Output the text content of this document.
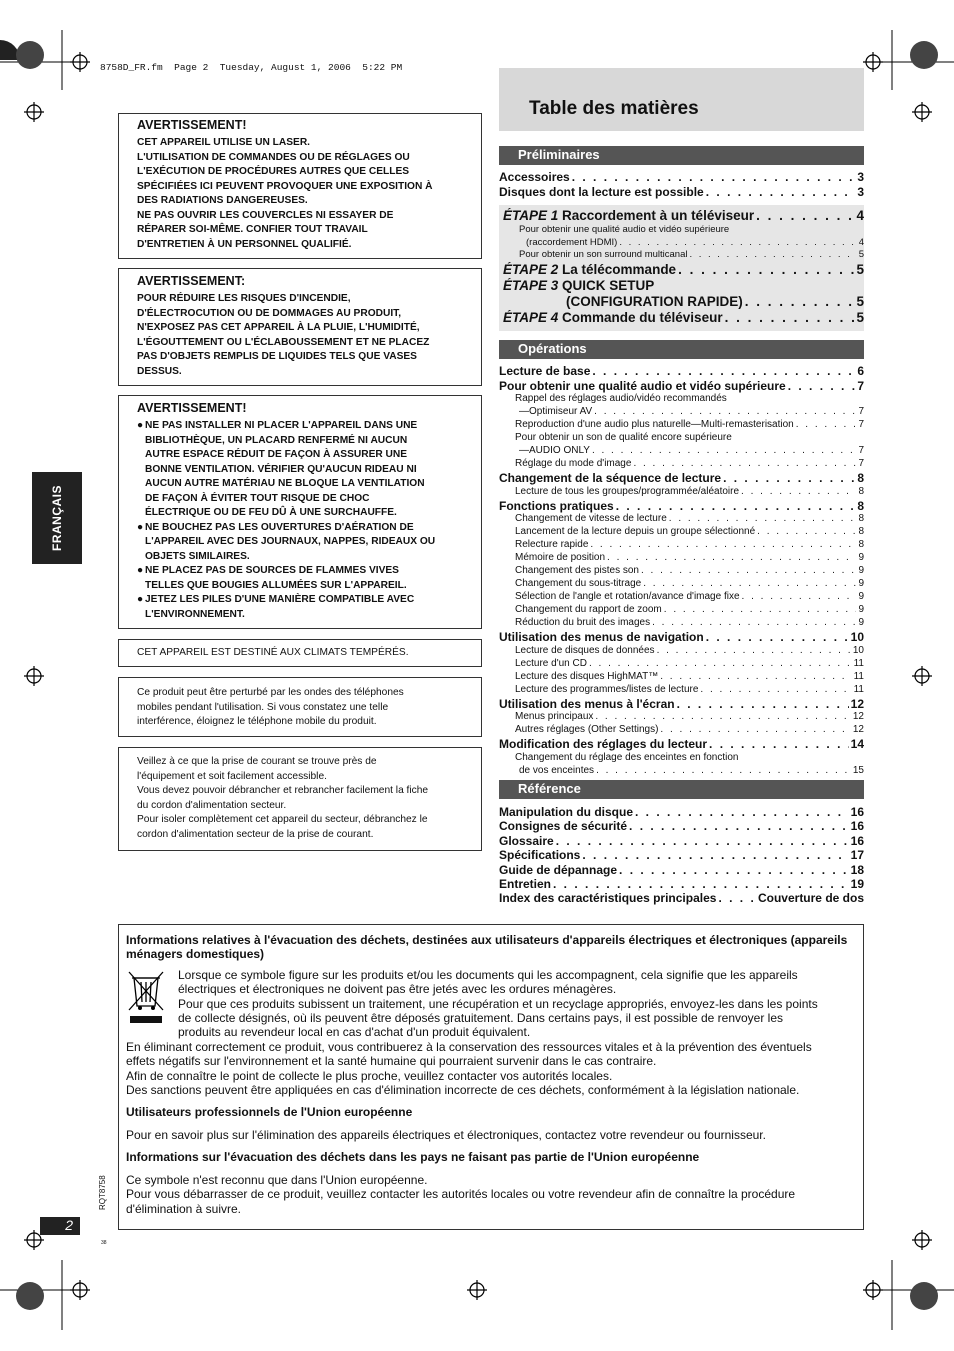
8758D_FR.fm  Page 2  Tuesday, August 1, 2006  5:22 PM
FRANÇAIS
AVERTISSEMENT!
CET APPAREIL UTILISE UN LASER.
L'UTILISATION DE COMMANDES OU DE RÉGLAGES OU
L'EXÉCUTION DE PROCÉDURES AUTRES QUE CELLES
SPÉCIFIÉES ICI PEUVENT PROVOQUER UNE EXPOSITION À
DES RADIATIONS DANGEREUSES.
NE PAS OUVRIR LES COUVERCLES NI ESSAYER DE
RÉPARER SOI-MÊME. CONFIER TOUT TRAVAIL
D'ENTRETIEN À UN PERSONNEL QUALIFIÉ.
AVERTISSEMENT:
POUR RÉDUIRE LES RISQUES D'INCENDIE,
D'ÉLECTROCUTION OU DE DOMMAGES AU PRODUIT,
N'EXPOSEZ PAS CET APPAREIL À LA PLUIE, L'HUMIDITÉ,
L'ÉGOUTTEMENT OU L'ÉCLABOUSSEMENT ET NE PLACEZ
PAS D'OBJETS REMPLIS DE LIQUIDES TELS QUE VASES
DESSUS.
AVERTISSEMENT!
● NE PAS INSTALLER NI PLACER L'APPAREIL DANS UNE
BIBLIOTHÈQUE, UN PLACARD RENFERMÉ NI AUCUN
AUTRE ESPACE RÉDUIT DE FAÇON À ASSURER UNE
BONNE VENTILATION. VÉRIFIER QU'AUCUN RIDEAU NI
AUCUN AUTRE MATÉRIAU NE BLOQUE LA VENTILATION
DE FAÇON À ÉVITER TOUT RISQUE DE CHOC
ÉLECTRIQUE OU DE FEU DÛ À UNE SURCHAUFFE.
● NE BOUCHEZ PAS LES OUVERTURES D'AÉRATION DE
L'APPAREIL AVEC DES JOURNAUX, NAPPES, RIDEAUX OU
OBJETS SIMILAIRES.
● NE PLACEZ PAS DE SOURCES DE FLAMMES VIVES
TELLES QUE BOUGIES ALLUMÉES SUR L'APPAREIL.
● JETEZ LES PILES D'UNE MANIÈRE COMPATIBLE AVEC
L'ENVIRONNEMENT.
CET APPAREIL EST DESTINÉ AUX CLIMATS TEMPÉRÉS.
Ce produit peut être perturbé par les ondes des téléphones
mobiles pendant l'utilisation. Si vous constatez une telle
interférence, éloignez le téléphone mobile du produit.
Veillez à ce que la prise de courant se trouve près de
l'équipement et soit facilement accessible.
Vous devez pouvoir débrancher et rebrancher facilement la fiche
du cordon d'alimentation secteur.
Pour isoler complètement cet appareil du secteur, débranchez le
cordon d'alimentation secteur de la prise de courant.
Table des matières
Préliminaires
Accessoires . . .	3
Disques dont la lecture est possible . . .	3
ÉTAPE 1 Raccordement à un téléviseur . . .	4
Pour obtenir une qualité audio et vidéo supérieure
(raccordement HDMI) . . .	4
Pour obtenir un son surround multicanal . . .	5
ÉTAPE 2 La télécommande . . .	5
ÉTAPE 3 QUICK SETUP
(CONFIGURATION RAPIDE) . . .	5
ÉTAPE 4 Commande du téléviseur . . .	5
Opérations
Lecture de base . . .	6
Pour obtenir une qualité audio et vidéo supérieure . . .	7
Rappel des réglages audio/vidéo recommandés
—Optimiseur AV . . .	7
Reproduction d'une audio plus naturelle—Multi-remasterisation . . .	7
Pour obtenir un son de qualité encore supérieure
—AUDIO ONLY . . .	7
Réglage du mode d'image . . .	7
Changement de la séquence de lecture . . .	8
Lecture de tous les groupes/programmée/aléatoire . . .	8
Fonctions pratiques . . .	8
Changement de vitesse de lecture . . .	8
Lancement de la lecture depuis un groupe sélectionné . . .	8
Relecture rapide . . .	8
Mémoire de position . . .	9
Changement des pistes son . . .	9
Changement du sous-titrage . . .	9
Sélection de l'angle et rotation/avance d'image fixe . . .	9
Changement du rapport de zoom . . .	9
Réduction du bruit des images . . .	9
Utilisation des menus de navigation . . .	10
Lecture de disques de données . . .	10
Lecture d'un CD . . .	11
Lecture des disques HighMAT™ . . .	11
Lecture des programmes/listes de lecture . . .	11
Utilisation des menus à l'écran . . .	12
Menus principaux . . .	12
Autres réglages (Other Settings) . . .	12
Modification des réglages du lecteur . . .	14
Changement du réglage des enceintes en fonction
de vos enceintes . . .	15
Référence
Manipulation du disque . . .	16
Consignes de sécurité . . .	16
Glossaire . . .	16
Spécifications . . .	17
Guide de dépannage . . .	18
Entretien . . .	19
Index des caractéristiques principales . . .	Couverture de dos

Informations relatives à l'évacuation des déchets, destinées aux utilisateurs d'appareils électriques et électroniques (appareils ménagers domestiques)

Lorsque ce symbole figure sur les produits et/ou les documents qui les accompagnent, cela signifie que les appareils

électriques et électroniques ne doivent pas être jetés avec les ordures ménagères.

Pour que ces produits subissent un traitement, une récupération et un recyclage appropriés, envoyez-les dans les points

de collecte désignés, où ils peuvent être déposés gratuitement. Dans certains pays, il est possible de renvoyer les

produits au revendeur local en cas d'achat d'un produit équivalent.

En éliminant correctement ce produit, vous contribuerez à la conservation des ressources vitales et à la prévention des éventuels

effets négatifs sur l'environnement et la santé humaine qui pourraient survenir dans le cas contraire.

Afin de connaître le point de collecte le plus proche, veuillez contacter vos autorités locales.

Des sanctions peuvent être appliquées en cas d'élimination incorrecte de ces déchets, conformément à la législation nationale.

Utilisateurs professionnels de l'Union européenne

Pour en savoir plus sur l'élimination des appareils électriques et électroniques, contactez votre revendeur ou fournisseur.

Informations sur l'évacuation des déchets dans les pays ne faisant pas partie de l'Union européenne

Ce symbole n'est reconnu que dans l'Union européenne.

Pour vous débarrasser de ce produit, veuillez contacter les autorités locales ou votre revendeur afin de connaître la procédure

d'élimination à suivre.

RQT8758
2
38
